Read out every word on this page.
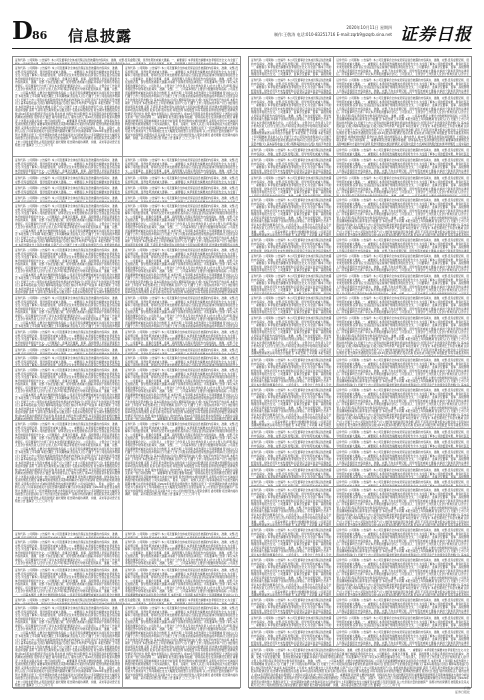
D 86 信息披露	2020年10月11日 星期四
制作:王敬涛 电话:010-83251716 E-mail:zqrb9@zqrb.sina.net 证券日报
证券代码: 公司简称: 公告编号: 本公司及董事会全体成员保证信息披露的内容真实、准确、完整,没有虚假记载、误导性陈述或重大遗漏。一、重要提示 本季度报告摘要来自季度报告全文,为全面了解本公司的经营成果、财务状况及未来发展规划,投资者应当到证监会指定媒体仔细阅读季度报告全文。公司董事会、监事会及董事、监事、高级管理人员保证季度报告内容的真实、准确、完整,不
证券代码: 公司简称: 公告编号: 本公司及董事会全体成员保证信息披露的内容真实、准确、完整,没有虚假记载、误导性陈述或重大遗漏。一、重要提示 本季度报告摘要来自季度报告全文,为全面了解本公司的经营成果、财务状况及未来发展规划,投资者应当到证监会指定媒体仔细阅读季度报告全文。公司董事会、监事会及董事、监事、高级管理人员保证季度报告内容的真实、准确、完整,不存在虚假记载、误导性陈述或重大遗漏,并承担个别和连带的法律责任。所有董事均已出席了审议本次季报的董事会会议。公司负责人、主管会计工作负责人及会计机构负责人(会计主管人员)声明:保证季度报告中财务报表的真实、准确、完整。二、公司基本情况 主要会计数据和财务指标 公司是否需追溯调整或重述以前年度会计数据 否 本报告期 上年同期 本报告期比上年同期增减 营业收入(元) 归属于上市公司股东的净利润(元) 归属于上市公司股东的扣除非经常性损益的净利润(元) 经营活动产生的现金流量净额(元) 基本每股收益(元/股) 稀释每股收益(元/股) 加权平均净资产收益率 本报告期末 上年度末 本报告期末比上年度末增减 总资产(元) 归属于上市公司股东的净资产(元) 非经常性损益项目和金额 适用 不适用 报告期末股东总数及前十名股东持股情况表 报告期末普通股股东总数 前10名股东持股情况 股东名称 股东性质 持股比例 持股数量 持有有限售条件的股份数量 质押或冻结情况 股份状态 数量 境内非国有法人 境内自然人 前10名无限售条件股东持股情况 上述股东关联关系或一致行动的说明 三、重要事项 报告期主要财务数据、财务指标发生变动的情况及原因 重要事项进展情况及其影响和解决方案的分析说明 股份回购的实施进展情况 采用集中竞价方式减持回购股份的实施进展情况 公司实际控制人、股东、关联方、收购人以及公司等承诺相关方在报告期内超期未履行完毕的承诺事项 对2020年度经营业绩的预计 预测年初至下一报告期期末的累计净利润可能为亏损或者与上年同期相比发生大幅度变动的警示及原因说明 以公允价值计量的金融资产 违规对外担保情况 控股股东及其关联方对上市公司的非经营性占用资金情况 委托理财 报告期内接待调研、沟通、采访等活动登记表 特此公告 董事会 二〇二〇年十月
证券代码: 公司简称: 公告编号: 本公司及董事会全体成员保证信息披露的内容真实、准确、完整,没有虚假记载、误导性陈述或重大遗漏。一、重要提示 本季度报告摘要来自季度报告全文,为全面了解本公司的经营成果、财务状况及未来发展规划,投资者应当到证监会指定媒体仔细阅读季度报告全文。公司董事会、监事会及董事、监事、高级管理人员保证季度报告内容的真实、准确、完整,不存在虚假记载、误导性陈述或重大遗漏,并承担个别和连带的法律责任。所有董事均已出席了审议本次季报的董事会会议。公司负责人、主管会计工作负责人及会计机构负责人(会计主管人员)声明:保证季度报告中财务报表的真实、准确、完整。二、公司基本情况 主要会计数据和财务指标 公司是否需追溯调整或重述以前年度会计数据 否 本报告期 上年同期 本报告期比上年同期增减 营业收入(元) 归属于上市公司股东的净利润(元) 归属于上市公司股东的扣除非经常性损益的净利润(元) 经营活动产生的现金流量净额(元) 基本每股收益(元/股) 稀释每股收益(元/股) 加权平均净资产收益率 本报告期末 上年度末 本报告期末比上年度末增减 总资产(元) 归属于上市公司股东的净资产(元) 非经常性损益项目和金额 适用 不适用 报告期末股东总数及前十名股东持股情况表 报告期末普通股股东总数 前10名股东持股情况 股东名称 股东性质 持股比例 持股数量 持有有限售条件的股份数量 质押或冻结情况 股份状态 数量 境内非国有法人 境内自然人 前10名无限售条件股东持股情况 上述股东关联关系或一致行动的说明 三、重要事项 报告期主要财务数据、财务指标发生变动的情况及原因 重要事项进展情况及其影响和解决方案的分析说明 股份回购的实施进展情况 采用集中竞价方式减持回购股份的实施进展情况 公司实际控制人、股东、关联方、收购人以及公司等承诺相关方在报告期内超期未履行完毕的承诺事项 对2020年度经营业绩的预计 预测年初至下一报告期期末的累计净利润可能为亏损或者与上年同期相比发生大幅度变动的警示及原因说明 以公允价值计量的金融资产 违规对外担保情况 控股股东及其关联方对上市公司的非经营性占用资金情况 委托理财 报告期内接待调研、沟通、采访等活动登记表 特此公告 董事会 二〇二〇年十月
证券代码: 公司简称: 公告编号: 本公司及董事会全体成员保证信息披露的内容真实、准确、完整,没有虚假记载、误导性陈述或重大遗漏。一、重要提示 本季度报告摘要来自季度报告全文,为全面了解本公司的经营成果、财务状况及未来发展规划,投资者应当到证监会指定媒体仔细阅读季度报告全文。公司董事会、监事会及董事、监事、高级管理人员保证季度报告
证券代码: 公司简称: 公告编号: 本公司及董事会全体成员保证信息披露的内容真实、准确、完整,没有虚假记载、误导性陈述或重大遗漏。一、重要提示 本季度报告摘要来自季度报告全文,为全面了解本公司的经营成果、财务状况及未来发展规划,投资者应当到证监会指定媒体仔细阅读季度报告全文。公司董事会、监事会及董事、监事、高级管理人员保证季度报告内容的真实、准确、完整,不存
证券代码: 公司简称: 公告编号: 本公司及董事会全体成员保证信息披露的内容真实、准确、完整,没有虚假记载、误导性陈述或重大遗漏。一、重要提示 本季度报告摘要来自季度报告
证券代码: 公司简称: 公告编号: 本公司及董事会全体成员保证信息披露的内容真实、准确、完整,没有虚假记载、误导性陈述或重大遗漏。一、重要提示 本季度报告摘要来自季度报告全文,为全面了
证券代码: 公司简称: 公告编号: 本公司及董事会全体成员保证信息披露的内容真实、准确、完整,没有虚假记载、误导性陈述或重大遗漏。一、重要提示 本季度报告摘要来自季度报告
证券代码: 公司简称: 公告编号: 本公司及董事会全体成员保证信息披露的内容真实、准确、完整,没有虚假记载、误导性陈述或重大遗漏。一、重要提示 本季度报告摘要来自季度报告全文,为全面了
证券代码: 公司简称: 公告编号: 本公司及董事会全体成员保证信息披露的内容真实、准确、完整,没有虚假记载、误导性陈述或重大遗漏。一、重要提示 本季度报告摘要来自季度报告
证券代码: 公司简称: 公告编号: 本公司及董事会全体成员保证信息披露的内容真实、准确、完整,没有虚假记载、误导性陈述或重大遗漏。一、重要提示 本季度报告摘要来自季度报告全文,为全面了
证券代码: 公司简称: 公告编号: 本公司及董事会全体成员保证信息披露的内容真实、准确、完整,没有虚假记载、误导性陈述或重大遗漏。一、重要提示 本季度报告摘要来自季度报告全文,为全面了解本公司的经营成果、财务状况及未来发展规划,投资者应当到证监会指定媒体仔细阅读季度报告全文。公司董事会、监事会及董事、监事、高级管理人员保证季度报告内容的真实、准确、完整,不存在虚假记载、误导性陈述或重大遗漏,并承担个别和连带的法律责任。所有董事均已出席了审议本次季报的董事会会议。公司负责人、主管会计工作负责人及会计机构负责人(会计主管人员)声明:保证季度报告中财务报表的真实、准确、完整。二、公司基本情况 主要会计数据和财务指标 公司是否需追溯调整或重述以前年度会计数据 否 本报告期 上年同期 本报告期比上年同期增减 营业收入(元) 归属于上市公司股东的净利润(元) 归属于上市公司股东的扣除非经常性损益的净利润(元) 经营活动产生的现金流量净额(元) 基本每股收益(元/股) 稀释每股收益(元/股) 加权平均净资产收益率 本报告期末 上年度末 本报告期末比上年度末增减 总资产(元) 归属于上市公司股东的净资产(元) 非经常性损益
证券代码: 公司简称: 公告编号: 本公司及董事会全体成员保证信息披露的内容真实、准确、完整,没有虚假记载、误导性陈述或重大遗漏。一、重要提示 本季度报告摘要来自季度报告全文,为全面了解本公司的经营成果、财务状况及未来发展规划,投资者应当到证监会指定媒体仔细阅读季度报告全文。公司董事会、监事会及董事、监事、高级管理人员保证季度报告内容的真实、准确、完整,不存在虚假记载、误导性陈述或重大遗漏,并承担个别和连带的法律责任。所有董事均已出席了审议本次季报的董事会会议。公司负责人、主管会计工作负责人及会计机构负责人(会计主管人员)声明:保证季度报告中财务报表的真实、准确、完整。二、公司基本情况 主要会计数据和财务指标 公司是否需追溯调整或重述以前年度会计数据 否 本报告期 上年同期 本报告期比上年同期增减 营业收入(元) 归属于上市公司股东的净利润(元) 归属于上市公司股东的扣除非经常性损益的净利润(元) 经营活动产生的现金流量净额(元) 基本每股收益(元/股) 稀释每股收益(元/股) 加权平均净资产收益率 本报告期末 上年度末 本报告期末比上年度末增减 总资产(元) 归属于上市公司股东的净资产(元) 非经常性损益项目和金额 适用 不适用 报告期末股东总数及前十名股东持股情况表 报告期末普通股股东总数
证券代码: 公司简称: 公告编号: 本公司及董事会全体成员保证信息披露的内容真实、准确、完整,没有虚假记载、误导性陈述或重大遗漏。一、重要提示 本季度报告摘要来自季度报告全文,为全面了解本公司的经营成果、财务状况及未来发展规划,投资者应当到证监会指定媒体仔细阅读季度报告全文。公司董事会、监事会及董事、监事、高级管理人员保证季度报告内容的真实、准确、完整,不存在虚假记载、误导性陈述或重大遗漏,并承担个别和连带的法律责任。所有董事均已出席了审议本次季报的董事会会议。公司负责人、主管会计工作负责人及会计机构负责人(会计主管人员)声明:保证季度报告中财务报表的真实、准确、完整。二、公司基本情况 主要会计数据和财务指标 公司是否需追溯调整或重述以前年度会计数据 否 本报告期 上年同期 本报告期比上年同期增减 营业收入(元) 归属于上市公司股东的净利润(元) 归属于上市公司股东的扣除非经常性损益的净利润(元) 经营活动产生的现金流量净额(元) 基本每股收益(元/股) 稀释每股收益(元/股) 加权平均净资产收益率 本报告期末 上年度末 本报告期末比上年度末增减 总资产(元) 归属于上市公司股东的净资产(元) 非经常性损益项目和金额 适用 不适用 报告期末股东总数及前十名股东持股情况表 报告期末普通股股东总
证券代码: 公司简称: 公告编号: 本公司及董事会全体成员保证信息披露的内容真实、准确、完整,没有虚假记载、误导性陈述或重大遗漏。一、重要提示 本季度报告摘要来自季度报告全文,为全面了解本公司的经营成果、财务状况及未来发展规划,投资者应当到证监会指定媒体仔细阅读季度报告全文。公司董事会、监事会及董事、监事、高级管理人员保证季度报告内容的真实、准确、完整,不存在虚假记载、误导性陈述或重大遗漏,并承担个别和连带的法律责任。所有董事均已出席了审议本次季报的董事会会议。公司负责人、主管会计工作负责人及会计机构负责人(会计主管人员)声明:保证季度报告中财务报表的真实、准确、完整。二、公司基本情况 主要会计数据和财务指标 公司是否需追溯调整或重述以前年度会计数据 否 本报告期 上年同期 本报告期比上年同期增减 营业收入(元) 归属于上市公司股东的净利润(元) 归属于上市公司股东的扣除非经常性损益的净利润(元) 经营活动产生的现金流量净额(元) 基本每股收益(元/股) 稀释每股收益(元/股) 加权平均净资产收益率 本报告期末 上年度末 本报告期末比上年度末增减 总资产(元) 归属于上市公司股东的净资产(元) 非经常性损益项目和金额 适用 不适用 报告期末股东总数及前十名股东持股情况表 报告期末普通股股东总数 前10名股东持股情况 股东名称 股东性质 持股比例 持股数量 持有有限售条件的股份数量 质押或冻
证券代码: 公司简称: 公告编号: 本公司及董事会全体成员保证信息披露的内容真实、准确、完整,没有虚假记载、误导性陈述或重大遗漏。一、重要提示 本季度报告摘要来自季度报告全文,为全面了解本公司的经营成果、财务状况及未来发展规划,投资者应当到证监会指定媒体仔细阅读季度报告全文。公司董事会、监事会及董事、监事、高级管理人员保证季度报告内容的真实、准确、完整,不存在虚假记载、误导性陈述或重大遗漏,并承担个别和连带的法律责任。所有董事均已出席了审议本次季报的董事会会议。公司负责人、主管会计工作负责人及会计机构负责人(会计主管人员)声明:保证季度报告中财务报表的真实、准确、完整。二、公司基本情况 主要会计数据和财务指标 公司是否需追溯调整或重述以前年度会计数据 否 本报告期 上年同期 本报告期比上年同期增减 营业收入(元) 归属于上市公司股东的净利润
证券代码: 公司简称: 公告编号: 本公司及董事会全体成员保证信息披露的内容真实、准确、完整,没有虚假记载、误导性陈述或重大遗漏。一、重要提示 本季度报告摘要来自季度报告全文,为全面了解本公司的经营成果、财务状况及未来发展规划,投资者应当到证监会指定媒体仔细阅读季度报告全文。公司董事会、监事会及董事、监事、高级管理人员保证季度报告内容的真实、准确、完整,不存在虚假记载、误导性陈述或重大遗漏,并承担个别和连带的法律责任。所有董事均已出席了审议本次季报的董事会会议。公司负责人、主管会计工作负责人及会计机构负责人(会计主管人员)声明:保证季度报告中财务报表的真实、准确、完整。二、公司基本情况 主要会计数据和财务指标 公司是否需追溯调整或重述以前年度会计数据 否 本报告期 上年同期 本报告期比上年同期增减 营业收入(元) 归属于上市公司股东的净利润(元) 归属于上市公司股东的扣除非经常性损益的净利润(元) 经营活动
证券代码: 公司简称: 公告编号: 本公司及董事会全体成员保证信息披露的内容真实、准确、完整,没有虚假记载、误导性陈述或重大遗漏。一、重要提示 本季度报告摘要来自季度报告全文,为全面了解本公司的经营成果、财务状况及未来发展规划,投资者应当到证监会指定媒体仔细阅读季度报告全文。公司董事会、监事会及董事、监事、高级管理人员保证季度报告
证券代码: 公司简称: 公告编号: 本公司及董事会全体成员保证信息披露的内容真实、准确、完整,没有虚假记载、误导性陈述或重大遗漏。一、重要提示 本季度报告摘要来自季度报告全文,为全面了解本公司的经营成果、财务状况及未来发展规划,投资者应当到证监会指定媒体仔细阅读季度报告全文。公司董事会、监事会及董事、监事、高级管理人员保证季度报告内容的真实、准确、完整,不存
证券代码: 公司简称: 公告编号: 本公司及董事会全体成员保证信息披露的内容真实、准确、完整,没有虚假记载、误导性陈述或重大遗漏。一、重要提示 本季度报告摘要来自季度报告
证券代码: 公司简称: 公告编号: 本公司及董事会全体成员保证信息披露的内容真实、准确、完整,没有虚假记载、误导性陈述或重大遗漏。一、重要提示 本季度报告摘要来自季度报告全文,为全面了
证券代码: 公司简称: 公告编号: 本公司及董事会全体成员保证信息披露的内容真实、准确、完整,没有虚假记载、误导性陈述或重大遗漏。一、重要提示 本季度报告摘要来自季度报告全文,为全面了解本公司的经营成果、财务状况及未来发展规划,投资者应当到证监会指定媒
证券代码: 公司简称: 公告编号: 本公司及董事会全体成员保证信息披露的内容真实、准确、完整,没有虚假记载、误导性陈述或重大遗漏。一、重要提示 本季度报告摘要来自季度报告全文,为全面了解本公司的经营成果、财务状况及未来发展规划,投资者应当到证监会指定媒体仔细阅读季度报告全
证券代码: 公司简称: 公告编号: 本公司及董事会全体成员保证信息披露的内容真实、准确、完整,没有虚假记载、误导性陈述或重大遗漏。一、重要提示 本季度报告摘要来自季度报告全文,为全面了解本公司的经营成果、财务状况及未来发展规划,投资者应当到证监会指定媒体仔细阅读季度报告全文。公司董事会、监事会及董事、监事、高级管理人员保证季度报告内容的真实、准确、完整,不存在虚假记载、误导性陈述或重大遗漏,并承担个别和连带的法律责任。所有董事均已出席了审议本次季报的董事会会议。公司负责人、主管会计工作负责人及会计机构负责人(会计主管人员)声明:保证季度报告中财务报表的真实、准确、完整。二、公司基本情况 主要会计数据和财务指标 公司是否需追溯调整或重述以前年度会计数据 否 本报告期 上年同期 本报告期比上年同期增减 营业收入(元) 归属于上市公司股东的净利润(元) 归属于上市公司股东的扣除非经常性损益的净利润(元) 经营活动产生的现金流量净额(元) 基本每股收益(元/股) 稀释每股收益(元/股) 加权平均净资产收益率 本报告期末 上年度末 本报告期末比上年度末增减 总资产(元) 归属于上市公司股东的净资产(元) 非经常性损益项目和金额 适用 不适用 报告期末股东总数及前十名股东持股情况表 报告期末普通股股东总数 前10名股东持股情况 股东名称 股东性质 持股比例 持股数量 持有有限售条件的股份数量 质押或冻结情况 股份状态 数量 境内非国有法人 境内自然人 前10名无限售条件股东持股情
证券代码: 公司简称: 公告编号: 本公司及董事会全体成员保证信息披露的内容真实、准确、完整,没有虚假记载、误导性陈述或重大遗漏。一、重要提示 本季度报告摘要来自季度报告全文,为全面了解本公司的经营成果、财务状况及未来发展规划,投资者应当到证监会指定媒体仔细阅读季度报告全文。公司董事会、监事会及董事、监事、高级管理人员保证季度报告内容的真实、准确、完整,不存在虚假记载、误导性陈述或重大遗漏,并承担个别和连带的法律责任。所有董事均已出席了审议本次季报的董事会会议。公司负责人、主管会计工作负责人及会计机构负责人(会计主管人员)声明:保证季度报告中财务报表的真实、准确、完整。二、公司基本情况 主要会计数据和财务指标 公司是否需追溯调整或重述以前年度会计数据 否 本报告期 上年同期 本报告期比上年同期增减 营业收入(元) 归属于上市公司股东的净利润(元) 归属于上市公司股东的扣除非经常性损益的净利润(元) 经营活动产生的现金流量净额(元) 基本每股收益(元/股) 稀释每股收益(元/股) 加权平均净资产收益率 本报告期末 上年度末 本报告期末比上年度末增减 总资产(元) 归属于上市公司股东的净资产(元) 非经常性损益项目和金额 适用 不适用 报告期末股东总数及前十名股东持股情况表 报告期末普通股股东总数 前10名股东持股情况 股东名称 股东性质 持股比例 持股数量 持有有限售条件的股份数量 质押或冻结情况 股份状态 数量 境内非国有法人 境内自然人 前10名无限售条件股东持股情况 上述股东关联关系或一致行动的说明 三、重要事项 报告期主要财务数据、财务指标发生变动的情况及原因 重要
证券代码: 公司简称: 公告编号: 本公司及董事会全体成员保证信息披露的内容真实、准确、完整,没有虚假记载、误导性陈述或重大遗漏。一、重要提示 本季度报告摘要来自季度报告全文,为全面了解本公司的经营成果、财务状况及未来发展规划,投资者应当到证监会指定媒体仔细阅读季度报告全文。公司董事会、监事会及董事、监事、高级管理人员保证季度报告内容的真实、准确、完整,不存在虚假记载、误导性陈述或重大遗漏,并承担个别和连带的法律责任。所有董事均已出席了审议本次季报的董事会会议。公司负责人、主管会计工作负责人及会计机构负责人(会计主管人员)声明:保证季度报告中财务报表的真实、准确、完整。二、公司基本情况 主要会计数据和财务指标 公司是否需追溯调整或重述以前年度会计数据 否 本报告期 上年同期 本报告期比上年同期增减 营业收入(元) 归属于上市公司股东的净利润(元) 归属于上市公司股东的扣除非经常性损益的净利润(元) 经营活动产生的现金流量净额(元) 基本每股收益(元/股) 稀释每股收益(元/股) 加权平均净资产收益率 本报告期末 上年度末 本报告期末比上年度末增减 总资产(元) 归属于上市公司股东的净资产(元) 非经常性损益项目和金额 适用 不适用 报告期末股东总数及前十名股东持股情况表 报告期末普通股股东总数 前10名股东持股情况 股东名称 股东性质 持股比例 持股数量 持有有限售条件的股份数量 质押或冻结情况 股份状态 数量 境内非国有法人 境内自然人 前10名无限售条件股东持股情况 上述股东关联关系或一致行动的说明 三、重要事项 报告期主要财务数据、财务指标发生变动的情况及原因 重要事项进展情况及其影响和解决方案的分析说明 股份回购的实施进展情况 采用集中竞价方式减持回购股份的实施进展情况 公司实际控制人、股东、关联方、收购人以及公司等承诺相关方在报告期内超期未履行完毕的承诺事项 对2020年度经营业绩的预计 预测年初至下一报告期期末的累计净利润可能为亏损或者与上年同期相比发生大幅度变动的警示及原因说明 以公允价值计量的金融资产 违规对外担保情况 控股股东及其关联方对上市公司的非经营性占用资金情况 委托理财 报告期内接待调研、沟通、采访等活动登记表 特此公告 董事会 二〇二〇年十月
证券代码: 公司简称: 公告编号: 本公司及董事会全体成员保证信息披露的内容真实、准确、完整,没有虚假记载、误导性陈述或重大遗漏。一、重要提示 本季度报告摘要来自季度报告全文,为全面了解本公司的经营成果、财务状况及未来发展规划,投资者应当到证监会指定媒体仔细阅读季度报告全文。公司董事会、监事会及董事、监事、高级管理人员保证季度报告内容的真实、准确、完整,不存在虚假记载、误导性陈述或重大遗漏,并承担个别和连带的法律责任。所有董事均已出席了审议本次季报的董事会会议。公司负责人、主管会计工作负责人及会计机构负责人(会计主管人员)声明:保证季度报告中财务报表的真实、准确、完整。二、公司基本情况 主要会计数据和财务指标 公司是否需追溯调整或重述以前年度会计数据 否 本报告期 上年同期 本报告期比上年同期增减 营业收入(元) 归属于上市公司股东的净利润(元) 归属于上市公司股东的扣除非经常性损益的净利润(元) 经营活动产生的现金流量净额(元) 基本每股收益(元/股) 稀释每股收益(元/股) 加权平均净资产收益率 本报告期末 上年度末 本报告期末比上年度末增减 总资产(元) 归属于上市公司股东的净资产(元) 非经常性损益项目和金额 适用 不适用 报告期末股东总数及前十名股东持股情况表 报告期末普通股股东总数 前10名股东持股情况 股东名称 股东性质 持股比例 持股数量 持有有限售条件的股份数量 质押或冻结情况 股份状态 数量 境内非国有法人 境内自然人 前10名无限售条件股东持股情况 上述股东关联关系或一致行动的说明 三、重要事项 报告期主要财务数据、财务指标发生变动的情况及原因 重要事项进展情况及其影响和解决方案的分析说明 股份回购的实施进展情况 采用集中竞价方式减持回购股份的实施进展情况 公司实际控制人、股东、关联方、收购人以及公司等承诺相关方在报告期内超期未履行完毕的承诺事项 对2020年度经营业绩的预计 预测年初至下一报告期期末的累计净利润可能为亏损或者与上年同期相比发生大幅度变动的警示及原因说明 以公允价值计量的金融资产 违规对外担保情况 控股股东及其关联方对上市公司的非经营性占用资金情况 委托理财 报告期内接待调研、沟通、采访等活动登记表 特此公告 董事会 二〇二〇年十月
证券代码: 公司简称: 公告编号: 本公司及董事会全体成员保证信息披露的内容真实、准确、完整,没有虚假记载、误导性陈述或重大遗漏。一、重要提示 本季度报告摘要来自季度报告
证券代码: 公司简称: 公告编号: 本公司及董事会全体成员保证信息披露的内容真实、准确、完整,没有虚假记载、误导性陈述或重大遗漏。一、重要提示 本季度报告摘要来自季度报告全文,为全面了
证券代码: 公司简称: 公告编号: 本公司及董事会全体成员保证信息披露的内容真实、准确、完整,没有虚假记载、误导性陈述或重大遗漏。一、重要提示 本季度报告摘要来自季度报告全文,为全面了解本公司的经营成果、财务状况及未来发展规划,投资者应当到证监会指定媒体仔细阅读季度报告全文。公司董事会、监事会及董事、监事、高级管理人员保证季度报告内容的真实、准确、完整,不存在虚假记载、误导性陈述或重大遗漏,并承担个别和连带的法律责任。所有董事均已出席了审议本次季报的董事会会议。公司负责人、主管会计工作负责人及会计机构负责人(会计主管人员)声明:保证季度报告中财务报表的真实、准确、完整。
证券代码: 公司简称: 公告编号: 本公司及董事会全体成员保证信息披露的内容真实、准确、完整,没有虚假记载、误导性陈述或重大遗漏。一、重要提示 本季度报告摘要来自季度报告全文,为全面了解本公司的经营成果、财务状况及未来发展规划,投资者应当到证监会指定媒体仔细阅读季度报告全文。公司董事会、监事会及董事、监事、高级管理人员保证季度报告内容的真实、准确、完整,不存在虚假记载、误导性陈述或重大遗漏,并承担个别和连带的法律责任。所有董事均已出席了审议本次季报的董事会会议。公司负责人、主管会计工作负责人及会计机构负责人(会计主管人员)声明:保证季度报告中财务报表的真实、准确、完整。二、公司基本情况 主要会计数据和财务指标 公司是否
证券代码: 公司简称: 公告编号: 本公司及董事会全体成员保证信息披露的内容真实、准确、完整,没有虚假记载、误导性陈述或重大遗漏。一、重要提示 本季度报告摘要来自季度报告全文,为全面了解本公司的经营成果、财务状况及未来发展规划,投资者应当到证监会指定媒体仔细阅读季度报告全文。公司董事会、监事会及董事、监事、高级管理人员保证季度报告内容的真实、准确、完整,不存在虚假记载、误导性陈述或重大遗漏,并承担个别和连带的法律责任。所有董事均已出席了审议本次季报的董事会会议。公司负责人、主管会计工作负责人及会计机构负责人(会计主管人员)声明:保证季度报告中财务报表的真实、准确、完整。二、公司基本情况 主要会计数据和财务指标 公司是否需追溯调整或重述以前年度会计数据
证券代码: 公司简称: 公告编号: 本公司及董事会全体成员保证信息披露的内容真实、准确、完整,没有虚假记载、误导性陈述或重大遗漏。一、重要提示 本季度报告摘要来自季度报告全文,为全面了解本公司的经营成果、财务状况及未来发展规划,投资者应当到证监会指定媒体仔细阅读季度报告全文。公司董事会、监事会及董事、监事、高级管理人员保证季度报告内容的真实、准确、完整,不存在虚假记载、误导性陈述或重大遗漏,并承担个别和连带的法律责任。所有董事均已出席了审议本次季报的董事会会议。公司负责人、主管会计工作负责人及会计机构负责人(会计主管人员)声明:保证季度报告中财务报表的真实、准确、完整。二、公司基本情况 主要会计数据和财务指标 公司是否需追溯调整或重述以前年度会计数据 否 本报告期 上年同期 本报告期比上年同期增减 营业收入(元)
证券代码: 公司简称: 公告编号: 本公司及董事会全体成员保证信息披露的内容真实、准确、完整,没有虚假记载、误导性陈述或重大遗漏。一、重要提示 本季度报告摘要来自季度报告全文,为全面了解本公司的经营成果、财务状况及未来发展规划,投资者应当到证监会指定媒体仔细阅读季度报告全文。公司董事会、监事会及董事、监事、高级管理人员保证季度报告内容的真实、准确、完整,不
证券代码: 公司简称: 公告编号: 本公司及董事会全体成员保证信息披露的内容真实、准确、完整,没有虚假记载、误导性陈述或重大遗漏。一、重要提示 本季度报告摘要来自季度报告全文,为全面了解本公司的经营成果、财务状况及未来发展规划,投资者应当到证监会指定媒体仔细阅读季度报告全文。公司董事会、监事会及董事、监事、高级管理人员保证季度报告内容的真实、准确、完整,不存在虚假记载、误导性陈述或重大遗漏,并承担个别和连带的法律责任。所有董事均已出席了审议本次季报的董事会会议。公司负责人、主管会计工作负责人及会计机构负责人(会计主管人员)声明:保证季度报告中财务报表的真实、准确、完整。二、公司基本情况 主要会计数据和财务指标 公司是否需追溯调整或重述以前年度会计数据 否 本报告期 上年同期 本报告期比上年同期增减 营业收入(元) 归属于上市公司股东的净利润(元) 归属于上市公司股东的扣除非经常性损益的净利润(元) 经营活动产生的现金流量净额(元) 基本每股收益(元/股) 稀释每股收益(元/股) 加权平均净资产收益率 本报告期末 上年度末 本报告期末比上年度末增减 总资产(元) 归属于上市公司股东的净资产(元) 非经常性损益项目和金额 适用 不适用 报告期末股东总数及前十名股东持股情况表 报告期末普通股股东总数 前10名股东持股情况 股东名称 股东性质 持股比例 持股数量 持有有限售条件的股份数量 质押或冻结情况 股份状态 数量 境内非国有法人 境内自然人 前10名无限售条件股东持股情况 上述股东关联关系或一致行动的说明 三、重要事项 报告期主要财务数据、财务指标发生变动的情况及原因 重要事项进展情况及其影响和解决方案的分析说明 股份回购的实施进展情况 采用集中竞价方式减持回购股份的实施进展情况 公司实际控制人、股东、关联方、收购人以及公司等承诺相关方在报告期内超期未履行完毕的承诺事项 对2020年度经营业绩的预计 预测年初至下一报告期期末的累计净利润可能为亏损或者与上年同期相比发生大幅度变动的警示及原因说明 以公允价值计量的金融资产 违规对外担保情况 控股股东及其关联方对上市公司的非经营性占用资金情况 委托理财 报告期内接待调研、沟通、采访等活动登记表 特此公告 董事会 二〇二〇年十月
证券代码: 公司简称: 公告编号: 本公司及董事会全体成员保证信息披露的内容真实、准确、完整,没有虚假记载、误导性陈述或重大遗漏。一、重要提示 本季度报告摘要来自季度报告全文,为全面了解本公司的经营成果、财务状况及未来发展规划,投资者应当到证监会指定媒体仔细阅读季度报告全文。公司董事会、监事会及董事、监事、高级管理人员保证季度报告内容的真实、准确、完整,不存在虚假记载、误导性陈述或重大遗漏,并承担个别和连带的法律责任。所有董事均已出席了审议本次季报的董事会会议。公司负责人、主管会计工作负责人及会计机构负责人(会计主管人员)声明:保证季度报告中财务报表的真实、准确、完整。二、公司基本情况 主要会计数据和财务指标 公司是否需追溯调整或重述以前年度会计数据 否 本报告期 上年同期 本报告期比上年同期增减 营业收入(元) 归属于上市公司股东的净利润(元) 归属于上市公司股东的扣除非经常性损益的净利润(元) 经营活动产生的现金流量净额(元) 基本每股收益(元/股) 稀释每股收益(元/股) 加权平均净资产收益率 本报告期末 上年度末 本报告期末比上年度末增减 总资产(元) 归属于上市公司股东的净资产(元) 非经常性损益项目和金额 适用 不适用 报告期末股东总数及前十名股东持股情况表 报告期末普通股股东总数 前10名股东持股情况 股东名称 股东性质 持股比例 持股数量 持有有限售条件的股份数量 质押或冻结情况 股份状态 数量 境内非国有法人 境内自然人 前10名无限售条件股东持股情况 上述股东关联关系或一致行动的说明 三、重要事项 报告期主要财务数据、财务指标发生变动的情况及原因 重要事项进展情况及其影响和解决方案的分析说明 股份回购的实施进展情况 采用集中竞价方式减持回购股份的实施进展情况 公司实际控制人、股东、关联方、收购人以及公司等承诺相关方在报告期内超期未履行完毕的承诺事项 对2020年度经营业绩的预计 预测年初至下一报告期期末的累计净利润可能为亏损或者与上年同期相比发生大幅度变动的警示及原因说明 以公允价值计量的金融资产 违规对外担保情况 控股股东及其关联方对上市公司的非经营性占用资金情况 委托理财 报告期内接待调研、沟通、采访等活动登记表 特此公告 董事会 二〇二〇年十月
证券代码: 公司简称: 公告编号: 本公司及董事会全体成员保证信息披露的内容真实、准确、完整,没有虚假记载、误导性陈述或重大遗漏。一、重要提示 本季度报告摘要来自季度报告全文,为全面了解本公司的经营成果、财务状况及未来发展规划,投资者应当到证监会指定媒体仔细阅读季度报告全文。公司董事会、监事会及董事、监事、高级管理
证券代码: 公司简称: 公告编号: 本公司及董事会全体成员保证信息披露的内容真实、准确、完整,没有虚假记载、误导性陈述或重大遗漏。一、重要提示 本季度报告摘要来自季度报告全文,为全面了解本公司的经营成果、财务状况及未来发展规划,投资者应当到证监会指定媒体仔细阅读季度报告全文。公司董事会、监事会及董事、监事、高级管理人员保证季度报告内容的真实、准确、完整,不存在虚假记载、误导性陈述或重大遗漏,并承担个别和连带的法律责任。所有董事均已出席了审议本次季报的董事会会议。公司负责人、主管会计工作负责人及会计机构负责人(会计主
证券代码: 公司简称: 公告编号: 本公司及董事会全体成员保证信息披露的内容真实、准确、完整,没有虚假记载、误导性陈述或重大遗漏。一、重要提示 本季度报告摘要来自季度报告全文,为全面了解本公司的经营成果、财务状况及未来发展规划,投资者应当到证监会指定媒体仔
证券代码: 公司简称: 公告编号: 本公司及董事会全体成员保证信息披露的内容真实、准确、完整,没有虚假记载、误导性陈述或重大遗漏。一、重要提示 本季度报告摘要来自季度报告全文,为全面了解本公司的经营成果、财务状况及未来发展规划,投资者应当到证监会指定媒体仔细阅读季度报告全文。公司董事会、监事会及董事、监事、高级管理人员保证季度报告内容的真实、准确、完整,不存在虚假记载、误导性陈述或重大遗漏,并承担个别和连带的法律责
证券代码: 公司简称: 公告编号: 本公司及董事会全体成员保证信息披露的内容真实、准确、完整,没有虚假记载、误导性陈述或重大遗漏。一、重要提示 本季度报告摘要来自季度报告全文,为全面了解本公司的经营成果、财务状况及未来发展规划,投资者应当到证监会指定媒体仔细阅读季度报告全文。公司董事会、监事会及董事、监事、高级管理人员保证季度报告内容的真实、准确、完整,不存在虚假记载、误导性陈述或重大遗漏,并承担个别和连带的法律责任。所有董事均已出席了审议本次季报的董事会会议。公司负责人、主管会计工作负责人及会计机构负责人(会计主管人员)声明:保证季度报告中财务报表的真实、准确、完整。二、公司基本情况 主要会计数据和财务指标 公司是否需追溯调整或重述以前年度会计数据 否 本报告期 上年同期 本报告期比上年同期增减 营业收入(元) 归属于上市公司股东的净利润(元) 归属于上市公司股东的扣除非经常性损益的净利润(元) 经营活动产生的现金流量净额(元) 基本每股收益(元/股) 稀释每股收益(元/股) 加权平均净资
证券代码: 公司简称: 公告编号: 本公司及董事会全体成员保证信息披露的内容真实、准确、完整,没有虚假记载、误导性陈述或重大遗漏。一、重要提示 本季度报告摘要来自季度报告全文,为全面了解本公司的经营成果、财务状况及未来发展规划,投资者应当到证监会指定媒体仔细阅读季度报告全文。公司董事会、监事会及董事、监事、高级管理人员保证季度报告内容的真实、准确、完整,不存在虚假记载、误导性陈述或重大遗漏,并承担个别和连带的法律责任。所有董事均已出席了审议本次季报的董事会会议。公司负责人、主管会计工作负责人及会计机构负责人(会计主管人员)声明:保证季度报告中财务报表的真实、准确、完整。二、公司基本情况 主要会计数据和财务指标 公司是否需追溯调整或重述以前年度会计数据 否 本报告期 上年同期 本报告期比上年同期增减 营业收入(元) 归属于上市公司股东的净利润(元) 归属于上市公司股东的扣除非经常性损益的净利润(元) 经营活动产生的现金流量净额(元) 基本每股收益(元/股) 稀释每股收益(元/股) 加权平均净资产收益率 本报告期末 上年度末 本报告期末比上年度末增减 总资产(元) 归属于上市公司股东的净资产(元) 非经常性损益项目和金额 适用 不适用 报告期末股东总数及前十名股东持股情况表 报告期末普通股股东总数 前10名股东持股情况 股东名称 股东性质 持股比例 持股数量 持有有限售条件的股份数量 质押或冻结情况 股份状态 数量 境内非国有法人 境内自然人 前10名无限售条件股东持股情况 上述股东关联关系或一致行动的说明 三、重要事项 报告期主要财务数据、财务指标发生变动的情况及原因 重要事项进展情况及其影响和解决方案的分析说明 股份回购的实施进展情况 采用集中竞价方式减持回购股份的实施进展情况 公司实际控
证券代码: 公司简称: 公告编号: 本公司及董事会全体成员保证信息披露的内容真实、准确、完整,没有虚假记载、误导性陈述或重大遗漏。
证券代码: 公司简称: 公告编号: 本公司及董事会全体成员保证信息披露的内容真实、准确、完整,没有虚假记载、误导性陈述或重大遗漏。一、重要提示 本季度报告摘要来自季度报告全文,为全面了解本公司的经营成果、财务状况及
证券代码: 公司简称: 公告编号: 本公司及董事会全体成员保证信息披露的内容真实、准确、完整,没有虚假记载、误导性陈述或重大遗漏。一、重要提示 本季度报告摘要来自季度报告全文,为全面了解本公司的经营成果、财务状况及未来发展规划,投资者应当到证监会指定媒体仔
证券代码: 公司简称: 公告编号: 本公司及董事会全体成员保证信息披露的内容真实、准确、完整,没有虚假记载、误导性陈述或重大遗漏。一、重要提示 本季度报告摘要来自季度报告全文,为全面了解本公司的经营成果、财务状况及未来发展规划,投资者应当到证监会指定媒体仔细阅读季度报告全文。公司董事会、监事会及董事、监事、高级管理人员保证季度报告内容的真实、准确、完整,不存在虚假记载、误导性陈述或重大遗漏,并承担个别和连带的法律责
证券代码: 公司简称: 公告编号: 本公司及董事会全体成员保证信息披露的内容真实、准确、完整,没有虚假记载、误导性陈述或重大遗漏。一、重要提示 本季度报告摘要来自季度报告全文,为全面了解本公司的经营成果、财务状况及未来发展规划,投资者应当到证监会指定媒体仔细阅读季度报告全文。公司董事会、监事会及董事、监事、高级管理人员保证季度报告内容的真实、准确、完整,不存在虚假记载、误导性
证券代码: 公司简称: 公告编号: 本公司及董事会全体成员保证信息披露的内容真实、准确、完整,没有虚假记载、误导性陈述或重大遗漏。一、重要提示 本季度报告摘要来自季度报告全文,为全面了解本公司的经营成果、财务状况及未来发展规划,投资者应当到证监会指定媒体仔细阅读季度报告全文。公司董事会、监事会及董事、监事、高级管理人员保证季度报告内容的真实、准确、完整,不存在虚假记载、误导性陈述或重大遗漏,并承担个别和连带的法律责任。所有董事均已出席了审议本次季报的董事会会议。公司负责人、主管会计工作负责人及会计机构负责人(会计主管人员)声明:保证季度报告中财务报表的真实、准确、完整。二、公司基本情况 主要会计数据和财务指标 公司是否
证券代码: 公司简称: 公告编号: 本公司及董事会全体成员保证信息披露的内容真实、准确、完整,没有虚假记载、误导性陈述或重大遗漏。一、重要提示 本季度报告摘要来自季度报告全文,为全面了解本公司的经营成果、财务状况及未来发展规划,投资者应当到证监会指定媒体仔细阅读季度报告全文。公司董事会、监事会及董事、监事、高级管理人员保证季度报告内容的真实、准确、完整,不存在虚假记载、误导性陈述或重大遗漏,并承担个别和连带的法律责任。所有董事均已出席了审议本次季报的董事会会议。公司负责人、主管会计工作负责人及会计机构负责人(会计主管人员)声明:保证季度报告中财务报表的真实、准确、完整。二、公司基本情况 主要会计数据和财务指标 公司是否需追溯调整或重述以前年度会计数据 否 本报告期 上年同期 本报告期比
证券代码: 公司简称: 公告编号: 本公司及董事会全体成员保证信息披露的内容真实、准确、完整,没有虚假记载、误导性陈述或重大遗漏。一、重要提示 本季度报告摘要来自季度报告全文,为全面了解本公司的经营成果、财务状况及未来发展规划,投资者应当到证监会指定媒体仔细阅读季度报告全文。公司董事会、监事会及董事、监事、高级管理人员保证季度报告内容的真实、准确、完整,不存在虚假记载、误导性陈述或重大遗漏,并承担个别和连带的法律责任。所有董事均已出席了审议本次季报的董事会会议。公司负责人、主管会计工作负责人及会计机构负责人(会计主管人员)声明:保证季度报告中财务报表的真实、准确、完整。二、公司基本情况 主要会计数据和财务指标 公司是否需追溯调整或重述以前年度会计数据 否 本报告期 上年同期 本报告期比上年同期增减 营业收入(元) 归属于上市公司股东的净利润(元) 归属于上市公司股东的扣除非经常性损益的净利润(元) 经营活动产生的现金流量净额(元) 基本每股收益(元/股) 稀释每股收益(元/股) 加权平均净资产收益率 本报告期末 上年度末 本报告期末比上年度末增减 总资产(元) 归属于上市公司股东的净资产(元) 非经常性损益项目和金额 适用 不适用 报告期末股东总数及前十名股东持股情况表 报告期末普通股股东总数 前10名股东持股情况 股东名称 股东性质 持股比例 持股数量 持有有限售条件的
证券代码: 公司简称: 公告编号: 本公司及董事会全体成员保证信息披露的内容真实、准确、完整,没有虚假记载、误导性陈述或重大遗漏。一、重要提示 本季度报告摘要来自季度报告全文,为全面了解本公司的经营成果、财务状况及未来发展规划,投资者应当到证监会指定媒体仔
证券代码: 公司简称: 公告编号: 本公司及董事会全体成员保证信息披露的内容真实、准确、完整,没有虚假记载、误导性陈述或重大遗漏。一、重要提示 本季度报告摘要来自季度报告全文,为全面了解本公司的经营成果、财务状况及未来发展规划,投资者应当到证监会指定媒体仔细阅读季度报告全文。公司董事会、监事会及董事、监事、高级管理人员保证季度报告内容的真实、准确、完整,不存在虚假记载、误导性陈述或重大遗漏,并承担个别和连带的法律责
证券代码: 公司简称: 公告编号: 本公司及董事会全体成员保证信息披露的内容真实、准确、完整,没有虚假记载、误导性陈述或重大遗漏。一、重要提示 本季度报告摘要来自季度报告全文,为全面了解本公司的经营成果、财务状况及未来发展规划,投资者应当到证监会指定媒体仔细阅读季度报告全文。公司董事会、监事会及董事、监事、高级管理
证券代码: 公司简称: 公告编号: 本公司及董事会全体成员保证信息披露的内容真实、准确、完整,没有虚假记载、误导性陈述或重大遗漏。一、重要提示 本季度报告摘要来自季度报告全文,为全面了解本公司的经营成果、财务状况及未来发展规划,投资者应当到证监会指定媒体仔细阅读季度报告全文。公司董事会、监事会及董事、监事、高级管理人员保证季度报告内容的真实、准确、完整,不存在虚假记载、误导性陈述或重大遗漏,并承担个别和连带的法律责任。所有董事均已出席了审议本次季报的董事会会议。公司负责人、主管会计工作负责人及会计机构负责人(会计主
证券代码: 公司简称: 公告编号: 本公司及董事会全体成员保证信息披露的内容真实、准确、完整,没有虚假记载、误导性陈述或重大遗漏。一、重要提示 本季度报告摘要来自季度报告全文,为全面了解本公司的经营成果、财务状况及未来发展规划,投资者应当到证监会指定媒体仔细阅读季度报告全文。公司董事会、监事会及董事、监事、高级管理人员保证季度报告内容的真实、准确、完整,不存在虚假记载、误导性
证券代码: 公司简称: 公告编号: 本公司及董事会全体成员保证信息披露的内容真实、准确、完整,没有虚假记载、误导性陈述或重大遗漏。一、重要提示 本季度报告摘要来自季度报告全文,为全面了解本公司的经营成果、财务状况及未来发展规划,投资者应当到证监会指定媒体仔细阅读季度报告全文。公司董事会、监事会及董事、监事、高级管理人员保证季度报告内容的真实、准确、完整,不存在虚假记载、误导性陈述或重大遗漏,并承担个别和连带的法律责任。所有董事均已出席了审议本次季报的董事会会议。公司负责人、主管会计工作负责人及会计机构负责人(会计主管人员)声明:保证季度报告中财务报表的真实、准确、完整。二、公司基本情况 主要会计数据和财务指标 公司是否
证券代码: 公司简称: 公告编号: 本公司及董事会全体成员保证信息披露的内容真实、准确、完整,没有虚假记载、误导性陈述或重大遗漏。一、重要提示 本季度报告摘要来自季度报告全文,为全面了解本公司的经营成果、财务状况及未来发展规划,投资者应当到证监会指定媒体仔细阅读季度报告全文。公司董事会、监事会及董事、监事、高级管理
证券代码: 公司简称: 公告编号: 本公司及董事会全体成员保证信息披露的内容真实、准确、完整,没有虚假记载、误导性陈述或重大遗漏。一、重要提示 本季度报告摘要来自季度报告全文,为全面了解本公司的经营成果、财务状况及未来发展规划,投资者应当到证监会指定媒体仔细阅读季度报告全文。公司董事会、监事会及董事、监事、高级管理人员保证季度报告内容的真实、准确、完整,不存在虚假记载、误导性陈述或重大遗漏,并承担个别和连带的法律责任。所有董事均已出席了审议本次季报的董事会会议。公司负责人、主管会计工作负责人及会计机构负责人(会计主
证券代码: 公司简称: 公告编号: 本公司及董事会全体成员保证信息披露的内容真实、准确、完整,没有虚假记载、误导性陈述或重大遗漏。一、重要提示 本季度报告摘要来自季度报告全文,为全面了解本公司的经营成果、财务状况及未来发展规划,投资者应当到证监会指定媒体仔细阅读季度报告全文。公司董事会、监事会及董事、监事、高级管理人员保证季度报告内容的真实、准确、完整,不存在虚假记载、误导性陈述或重大遗漏,并承担个别和连带的法律责任。所有董事均已出席了审议本次季报的董事会会议。公司负责人、主管会计工作负责人及会计机构负责人(会计主管人员)声明:保证季度报告中财务报表的真实、准确、完整。二、公司基本情况 主要会计数据和财务指标 公司是否需追溯调整或重述以前年度会计数据 否 本报告期 上年同期 本报告期比
证券代码: 公司简称: 公告编号: 本公司及董事会全体成员保证信息披露的内容真实、准确、完整,没有虚假记载、误导性陈述或重大遗漏。一、重要提示 本季度报告摘要来自季度报告全文,为全面了解本公司的经营成果、财务状况及未来发展规划,投资者应当到证监会指定媒体仔细阅读季度报告全文。公司董事会、监事会及董事、监事、高级管理人员保证季度报告内容的真实、准确、完整,不存在虚假记载、误导性陈述或重大遗漏,并承担个别和连带的法律责任。所有董事均已出席了审议本次季报的董事会会议。公司负责人、主管会计工作负责人及会计机构负责人(会计主管人员)声明:保证季度报告中财务报表的真实、准确、完整。二、公司基本情况 主要会计数据和财务指标 公司是否需追溯调整或重述以前年度会计数据 否 本报告期 上年同期 本报告期比上年同期增减 营业收入(元) 归属于上市公司股东的净利润(元) 归属于上市公司股东的扣除非经常性损益的净利润(元) 经营活动产生的现金流量净额(元) 基本每股收益(元/股) 稀释每股收益(元/股) 加权平均净资产收益率 本报告期末 上年度末 本报告期末比上年度末增减 总资产(元) 归属于上市公司股东的净资产(元) 非经常性损益项目和金额 适用 不适用 报告期末股东总数及前十名股东持股情况表 报告期末普通股股东总数 前10名股东持股情况 股东名称 股东性质 持股比例 持股数量 持有有限售条件的
证券代码: 公司简称: 公告编号: 本公司及董事会全体成员保证信息披露的内容真实、准确、完整,没有虚假记载、误导性陈述或重大遗漏。一、重要提示 本季度报告摘要来自季度报告全文,为全面了解本公司的经营成果、财务状况及未来发展规划,投资者应当到证监会指定媒体仔细阅读季度报告全文。公司董事会、监事会及董事、监事、高级管理人员保证季度报告内容的真实、准确、完整,不存在虚假记载、误导性陈述或重大遗漏,并承担个别和连带的法律责任。所有董事均已出席了审议本次季报的董事会会议。公司负责人、主管会计工作负责人及会
证券代码: 公司简称: 公告编号: 本公司及董事会全体成员保证信息披露的内容真实、准确、完整,没有虚假记载、误导性陈述或重大遗漏。一、重要提示 本季度报告摘要来自季度报告全文,为全面了解本公司的经营成果、财务状况及未来发展规划,投资者应当到证监会指定媒体仔细阅读季度报告全文。公司董事会、监事会及董事、监事、高级管理人员保证季度报告内容的真实、准确、完整,不存在虚假记载、误导性陈述或重大遗漏,并承担个别和连带的法律责任。所有董事均已出席了审议本次季报的董事会会议。公司负责人、主管会计工作负责人及会计机构负责人(会计主管人员)声明:保证季度报告中财务报表的真实、准确、完整。二、公司基本情况 主要会计数据和财务指标 公司是否需追溯调整或重述以前年度会计数据 否 本报告期 上年同期 本报告期比上年同期增减 营业收入(元) 归属于上市公司股东的净利润(元) 归属于上市公司股东的扣除非经常性损益的净利润(元) 经营活动产生的现金流量净额(元) 基本每
证券代码: 公司简称: 公告编号: 本公司及董事会全体成员保证信息披露的内容真实、准确、完整,没有虚假记载、误导性陈述或重大遗漏。一、重要提示 本季度报告摘要来自季度报告全文,为全面了解本公司的经营成果、财务状况及未来发展规划,投资者应当到证监会指定媒体仔细阅读季度报告全文。公司董事会、监事会及董事、监事、高级管理人员保证季度报告内容的真实、准确、完整,不存在虚假记载、误导性陈述或重大遗漏,并承担个别和连带的法律责任。所有董事均已出席了审议本次季报的董事会会议。公司负责人、主管会计工作负责人及会计机构负责人(会计主管人员)声明:保证季度报告中财务报表的真实、准确、完整。二、公司基本情况 主要会计数据和财务指标 公司是否需追溯调整或重述以前年度会计数据 否 本报告期 上年同期 本报告期比
证券代码: 公司简称: 公告编号: 本公司及董事会全体成员保证信息披露的内容真实、准确、完整,没有虚假记载、误导性陈述或重大遗漏。一、重要提示 本季度报告摘要来自季度报告全文,为全面了解本公司的经营成果、财务状况及未来发展规划,投资者应当到证监会指定媒体仔细阅读季度报告全文。公司董事会、监事会及董事、监事、高级管理人员保证季度报告内容的真实、准确、完整,不存在虚假记载、误导性陈述或重大遗漏,并承担个别和连带的法律责任。所有董事均已出席了审议本次季报的董事会会议。公司负责人、主管会计工作负责人及会计机构负责人(会计主管人员)声明:保证季度报告中财务报表的真实、准确、完整。二、公司基本情况 主要会计数据和财务指标 公司是否需追溯调整或重述以前年度会计数据 否 本报告期 上年同期 本报告期比上年同期增减 营业收入(元) 归属于上市公司股东的净利润(元) 归属于上市公司股东的扣除非经常性损益的净利润(元) 经营活动产生的现金流量净额(元) 基本每股收益(元/股) 稀释每股收益(元/股) 加权平均净资产收益率 本报告期末 上年度末 本报告期末比上年度末增减 总资产(元) 归属于上市公司股东的净资产(元) 非经常性损益项目和金额 适用 不适用 报告期末股东总数及前十名股东持股情况表 报告期末普通股股东总数 前10名股东持股情况 股东名称 股东性质 持股比例 持股数量 持有有限售条件的
证券代码: 公司简称: 公告编号: 本公司及董事会全体成员保证信息披露的内容真实、准确、完整,没有虚假记载、误导性陈述或重大遗漏。
证券代码: 公司简称: 公告编号: 本公司及董事会全体成员保证信息披露的内容真实、准确、完整,没有虚假记载、误导性陈述或重大遗漏。一、重要提示 本季度报告摘要来自季度报告全文,为全面了解本公司的经营成果、财务状况及
证券代码: 公司简称: 公告编号: 本公司及董事会全体成员保证信息披露的内容真实、准确、完整,没有虚假记载、误导性陈述或重大遗漏。
证券代码: 公司简称: 公告编号: 本公司及董事会全体成员保证信息披露的内容真实、准确、完整,没有虚假记载、误导性陈述或重大遗漏。一、重要提示 本季度报告摘要来自季度报告全文,为全面了解本公司的经营成果、财务状况及
证券代码: 公司简称: 公告编号: 本公司及董事会全体成员保证信息披露的内容真实、准确、完整,没有虚假记载、误导性陈述或重大遗漏。一、重要提示 本季度报告摘要来自季度报告全文,为全面了解本公司的经营成果、财务状况及未来发展规划,投资者应当到证监会指定媒体仔
证券代码: 公司简称: 公告编号: 本公司及董事会全体成员保证信息披露的内容真实、准确、完整,没有虚假记载、误导性陈述或重大遗漏。一、重要提示 本季度报告摘要来自季度报告全文,为全面了解本公司的经营成果、财务状况及未来发展规划,投资者应当到证监会指定媒体仔细阅读季度报告全文。公司董事会、监事会及董事、监事、高级管理人员保证季度报告内容的真实、准确、完整,不存在虚假记载、误导性陈述或重大遗漏,并承担个别和连带的法律责
证券代码: 公司简称: 公告编号: 本公司及董事会全体成员保证信息披露的内容真实、准确、完整,没有虚假记载、误导性陈述或重大遗漏。一、重要提示 本季度报告摘要来自季度报告全文,为全面了解本公司的
证券代码: 公司简称: 公告编号: 本公司及董事会全体成员保证信息披露的内容真实、准确、完整,没有虚假记载、误导性陈述或重大遗漏。一、重要提示 本季度报告摘要来自季度报告全文,为全面了解本公司的经营成果、财务状况及未来发展规划,投资者应当到证监会指定媒体仔细阅读季度报告全文。公司董事会、监事会及董事、监事、高级管理
证券代码: 公司简称: 公告编号: 本公司及董事会全体成员保证信息披露的内容真实、准确、完整,没有虚假记载、误导性陈述或重大遗漏。
证券代码: 公司简称: 公告编号: 本公司及董事会全体成员保证信息披露的内容真实、准确、完整,没有虚假记载、误导性陈述或重大遗漏。一、重要提示 本季度报告摘要来自季度报告全文,为全面了解本公司的经营成果、财务状况及
证券代码: 公司简称: 公告编号: 本公司及董事会全体成员保证信息披露的内容真实、准确、完整,没有虚假记载、误导性陈述或重大遗漏。一、重要提示 本季度报告摘要来自季度报告全文,为全面了解本公司的经营成果、财务状况及未来发展规划,投资者应当到证监会指定媒体仔细阅读季度报告全文。公司董事会、监事会及董事、监事、高级管理人员保证季度报告内容的真实、准确、完整,不存在虚假记载、误导性陈述或重大遗漏,并承担个别和连带的法律责任。所有董事均已出席了审议本次季报的董事会会议。公司负责人、主管会计工作负责人及会计机构负责人(会计主管人员)声明:保证季度报告中财务报表的真实、准确、完整。二、公司基本情况 主要会计数据和财务指标 公司是否需追溯调整或重述以前年度会计数据 否 本报告期 上年同期 本报告期比
证券代码: 公司简称: 公告编号: 本公司及董事会全体成员保证信息披露的内容真实、准确、完整,没有虚假记载、误导性陈述或重大遗漏。一、重要提示 本季度报告摘要来自季度报告全文,为全面了解本公司的经营成果、财务状况及未来发展规划,投资者应当到证监会指定媒体仔细阅读季度报告全文。公司董事会、监事会及董事、监事、高级管理人员保证季度报告内容的真实、准确、完整,不存在虚假记载、误导性陈述或重大遗漏,并承担个别和连带的法律责任。所有董事均已出席了审议本次季报的董事会会议。公司负责人、主管会计工作负责人及会计机构负责人(会计主管人员)声明:保证季度报告中财务报表的真实、准确、完整。二、公司基本情况 主要会计数据和财务指标 公司是否需追溯调整或重述以前年度会计数据 否 本报告期 上年同期 本报告期比上年同期增减 营业收入(元) 归属于上市公司股东的净利润(元) 归属于上市公司股东的扣除非经常性损益的净利润(元) 经营活动产生的现金流量净额(元) 基本每股收益(元/股) 稀释每股收益(元/股) 加权平均净资产收益率 本报告期末 上年度末 本报告期末比上年度末增减 总资产(元) 归属于上市公司股东的净资产(元) 非经常性损益项目和金额 适用 不适用 报告期末股东总数及前十名股东持股情况表 报告期末普通股股东总数 前10名股东持股情况 股东名称 股东性质 持股比例 持股数量 持有有限售条件的
证券代码: 公司简称: 公告编号: 本公司及董事会全体成员保证信息披露的内容真实、准确、完整,没有虚假记载、误导性陈述或重大遗漏。一、重要提示 本季度报告摘要来自季度报告全文,为全面了解本公司的经营成果、财务状况及未来发展规划,投资者应当到证监会指定媒体仔细阅读季度报告全文。公司董事会、监事会及董事、监事、高级管理人员保证季度报告内容的真实、准确、完整,不存在虚假记载、误导性陈述或重大遗漏,并承担个别和连带的法律责任。所有董事均已出席了审议本次季报的董事会会议。公司负责人、主管会计工作负责人及会
证券代码: 公司简称: 公告编号: 本公司及董事会全体成员保证信息披露的内容真实、准确、完整,没有虚假记载、误导性陈述或重大遗漏。一、重要提示 本季度报告摘要来自季度报告全文,为全面了解本公司的经营成果、财务状况及未来发展规划,投资者应当到证监会指定媒体仔细阅读季度报告全文。公司董事会、监事会及董事、监事、高级管理人员保证季度报告内容的真实、准确、完整,不存在虚假记载、误导性陈述或重大遗漏,并承担个别和连带的法律责任。所有董事均已出席了审议本次季报的董事会会议。公司负责人、主管会计工作负责人及会计机构负责人(会计主管人员)声明:保证季度报告中财务报表的真实、准确、完整。二、公司基本情况 主要会计数据和财务指标 公司是否需追溯调整或重述以前年度会计数据 否 本报告期 上年同期 本报告期比上年同期增减 营业收入(元) 归属于上市公司股东的净利润(元) 归属于上市公司股东的扣除非经常性损益的净利润(元) 经营活动产生的现金流量净额(元) 基本每
证券代码: 公司简称: 公告编号: 本公司及董事会全体成员保证信息披露的内容真实、准确、完整,没有虚假记载、误导性陈述或重大遗漏。一、重要提示 本季度报告摘要来自季度报告全文,为全面了解本公司的经营成果、财务状况及未来发展规划,投资者应当到证监会指定媒体仔细阅读季度报告全文。公司董事会、监事会及董事、监事、高级管理人员保证季度报告内容的真实、准确、完整,不存在虚假记载、误导性陈述或重大遗漏,并承担个别和连带的法律责任。所有董事均已出席了审议本次季报的董事会会议。公司负责人、主管会计工作负责人及会计机构负责人(会计主管人员)声明:保证季度报告中财务报表的真实、准确、完整。二、公司基本情况 主要会计数据和财务指标 公司是否需追溯调整或重述以前年度会计数据 否 本报告期 上年同期 本报告期比
证券代码: 公司简称: 公告编号: 本公司及董事会全体成员保证信息披露的内容真实、准确、完整,没有虚假记载、误导性陈述或重大遗漏。一、重要提示 本季度报告摘要来自季度报告全文,为全面了解本公司的经营成果、财务状况及未来发展规划,投资者应当到证监会指定媒体仔细阅读季度报告全文。公司董事会、监事会及董事、监事、高级管理人员保证季度报告内容的真实、准确、完整,不存在虚假记载、误导性陈述或重大遗漏,并承担个别和连带的法律责任。所有董事均已出席了审议本次季报的董事会会议。公司负责人、主管会计工作负责人及会计机构负责人(会计主管人员)声明:保证季度报告中财务报表的真实、准确、完整。二、公司基本情况 主要会计数据和财务指标 公司是否需追溯调整或重述以前年度会计数据 否 本报告期 上年同期 本报告期比上年同期增减 营业收入(元) 归属于上市公司股东的净利润(元) 归属于上市公司股东的扣除非经常性损益的净利润(元) 经营活动产生的现金流量净额(元) 基本每股收益(元/股) 稀释每股收益(元/股) 加权平均净资产收益率 本报告期末 上年度末 本报告期末比上年度末增减 总资产(元) 归属于上市公司股东的净资产(元) 非经常性损益项目和金额 适用 不适用 报告期末股东总数及前十名股东持股情况表 报告期末普通股股东总数 前10名股东持股情况 股东名称 股东性质 持股比例 持股数量 持有有限售条件的
证券代码: 公司简称: 公告编号: 本公司及董事会全体成员保证信息披露的内容真实、准确、完整,没有虚假记载、误导性陈述或重大遗漏。一、重要提示 本季度报告摘要来自季度报告全文,为全面了解本公司的经营成果、财务状况及未来发展规划,投资者应当到证监会指定媒体仔
证券代码: 公司简称: 公告编号: 本公司及董事会全体成员保证信息披露的内容真实、准确、完整,没有虚假记载、误导性陈述或重大遗漏。一、重要提示 本季度报告摘要来自季度报告全文,为全面了解本公司的经营成果、财务状况及未来发展规划,投资者应当到证监会指定媒体仔细阅读季度报告全文。公司董事会、监事会及董事、监事、高级管理人员保证季度报告内容的真实、准确、完整,不存在虚假记载、误导性陈述或重大遗漏,并承担个别和连带的法律责
证券代码: 公司简称: 公告编号: 本公司及董事会全体成员保证信息披露的内容真实、准确、完整,没有虚假记载、误导性陈述或重大遗漏。一、重要提示 本季度报告摘要来自季度报告全文,为全面了解本公司的
证券代码: 公司简称: 公告编号: 本公司及董事会全体成员保证信息披露的内容真实、准确、完整,没有虚假记载、误导性陈述或重大遗漏。一、重要提示 本季度报告摘要来自季度报告全文,为全面了解本公司的经营成果、财务状况及未来发展规划,投资者应当到证监会指定媒体仔细阅读季度报告全文。公司董事会、监事会及董事、监事、高级管理
证券代码: 公司简称: 公告编号: 本公司及董事会全体成员保证信息披露的内容真实、准确、完整,没有虚假记载、误导性陈述或重大遗漏。一、重要提示 本季度报告摘要来自季度报告全文,为全面了解本公司的经营成果、财务状况及未来发展规划,投资者应当到证监会指定媒体仔
证券代码: 公司简称: 公告编号: 本公司及董事会全体成员保证信息披露的内容真实、准确、完整,没有虚假记载、误导性陈述或重大遗漏。一、重要提示 本季度报告摘要来自季度报告全文,为全面了解本公司的经营成果、财务状况及未来发展规划,投资者应当到证监会指定媒体仔细阅读季度报告全文。公司董事会、监事会及董事、监事、高级管理人员保证季度报告内容的真实、准确、完整,不存在虚假记载、误导性陈述或重大遗漏,并承担个别和连带的法律责
证券代码: 公司简称: 公告编号: 本公司及董事会全体成员保证信息披露的内容真实、准确、完整,没有虚假记载、误导性陈述或重大遗漏。一、重要提示 本季度报告摘要来自季度报告全文,为全面了解本公司的经营成果、财务状况及未来发展规划,投资者应当到证监会指定媒体仔细阅读季度报告全文。公司董事会、监事会及董事、监事、高级管理人员保证季度报告内容的真实、准确、完整,不存在虚假记载、误导性陈述或重大遗漏,并承担个别和连带的法律责任。所有董事均已出席了审议本次季报的董事会会议。公司负责人、主管会计工作负责人及会计机构负责人(会计主管人员)声明:保证季度报告中财务报表的真实、准确、完整。二、公司基本情况 主要会计数据和财务指标 公司是否需追溯调整或重述以前年度会计数据 否 本报告期 上年同期 本报告期比上年同期增减 营业收入(元) 归属于上市公司股东的净利润(元) 归属于上市公司股东的扣除非经常性损益的净利润(元) 经营活动产生的现金流量净额(元) 基本每股收益(元/股) 稀释每股收益(元/股) 加权平均净资产收益率 本报告期末 上年度末 本报告期末比上年度末增减 总资产(元) 归属于上市公司股东的净资产(元) 非经常性损益项目和金额 适用 不适用 报告期末股东总数及前十名股东持股情况表 报告期末普通股股东总数 前10名股东持股情况 股东名称 股东性质 持股比例 持股数量 持有有限售条件的股份数量 质押或冻结情况 股份状态 数量 境内非国有法人 境内自然人 前10名无限售条件股东持股情况 上述股东关联关系或一致行动的说明 三、重要事项 报告期主要财务数据、财务指标发生变动的情况及原因 重要事项进展情况及其影响和解决方案的分析说明 股份回购的实施进展情况 采用集中竞价方式减持回购股份的实施进展情况 公司实际控制人、股东、关联方、收购人以及公司等承诺相关方在报告期内超期未履行完毕的承诺事项 对2020年度经营业绩的预计 预测年初至下一报告期期末的累计净利润可能为亏损或者与上年同期相比发生大幅度变动的警示及原因说明 以公允价值计量的金融资产 违规对外担保情况 控股股东及其关联方对上市公司的非经营性占用资金情况 委托理财 报告期内接待调研、沟通、采访等活动登记表 特此公告 董事会 二〇二〇年十月
广告
证券日报社
